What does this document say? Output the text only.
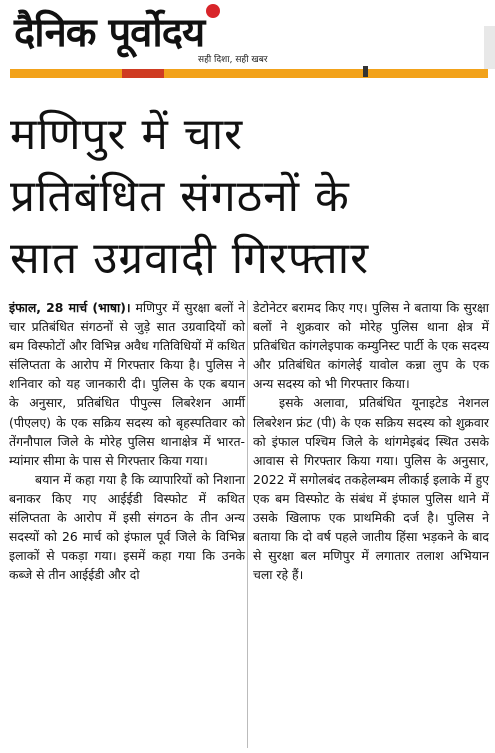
दैनिक पूर्वोदय
सही दिशा, सही खबर
मणिपुर में चार
प्रतिबंधित संगठनों के
सात उग्रवादी गिरफ्तार

इंफाल, 28 मार्च (भाषा)। मणिपुर में सुरक्षा बलों ने चार प्रतिबंधित संगठनों से जुड़े सात उग्रवादियों को बम विस्फोटों और विभिन्न अवैध गतिविधियों में कथित संलिप्तता के आरोप में गिरफ्तार किया है। पुलिस ने शनिवार को यह जानकारी दी। पुलिस के एक बयान के अनुसार, प्रतिबंधित पीपुल्स लिबरेशन आर्मी (पीएलए) के एक सक्रिय सदस्य को बृहस्पतिवार को तेंगनौपाल जिले के मोरेह पुलिस थानाक्षेत्र में भारत-म्यांमार सीमा के पास से गिरफ्तार किया गया।

बयान में कहा गया है कि व्यापारियों को निशाना बनाकर किए गए आईईडी विस्फोट में कथित संलिप्तता के आरोप में इसी संगठन के तीन अन्य सदस्यों को 26 मार्च को इंफाल पूर्व जिले के विभिन्न इलाकों से पकड़ा गया। इसमें कहा गया कि उनके कब्जे से तीन आईईडी और दो

डेटोनेटर बरामद किए गए। पुलिस ने बताया कि सुरक्षा बलों ने शुक्रवार को मोरेह पुलिस थाना क्षेत्र में प्रतिबंधित कांगलेइपाक कम्युनिस्ट पार्टी के एक सदस्य और प्रतिबंधित कांगलेई यावोल कन्ना लुप के एक अन्य सदस्य को भी गिरफ्तार किया।

इसके अलावा, प्रतिबंधित यूनाइटेड नेशनल लिबरेशन फ्रंट (पी) के एक सक्रिय सदस्य को शुक्रवार को इंफाल पश्चिम जिले के थांगमेइबंद स्थित उसके आवास से गिरफ्तार किया गया। पुलिस के अनुसार, 2022 में सगोलबंद तकहेलम्बम लीकाई इलाके में हुए एक बम विस्फोट के संबंध में इंफाल पुलिस थाने में उसके खिलाफ एक प्राथमिकी दर्ज है। पुलिस ने बताया कि दो वर्ष पहले जातीय हिंसा भड़कने के बाद से सुरक्षा बल मणिपुर में लगातार तलाश अभियान चला रहे हैं।
